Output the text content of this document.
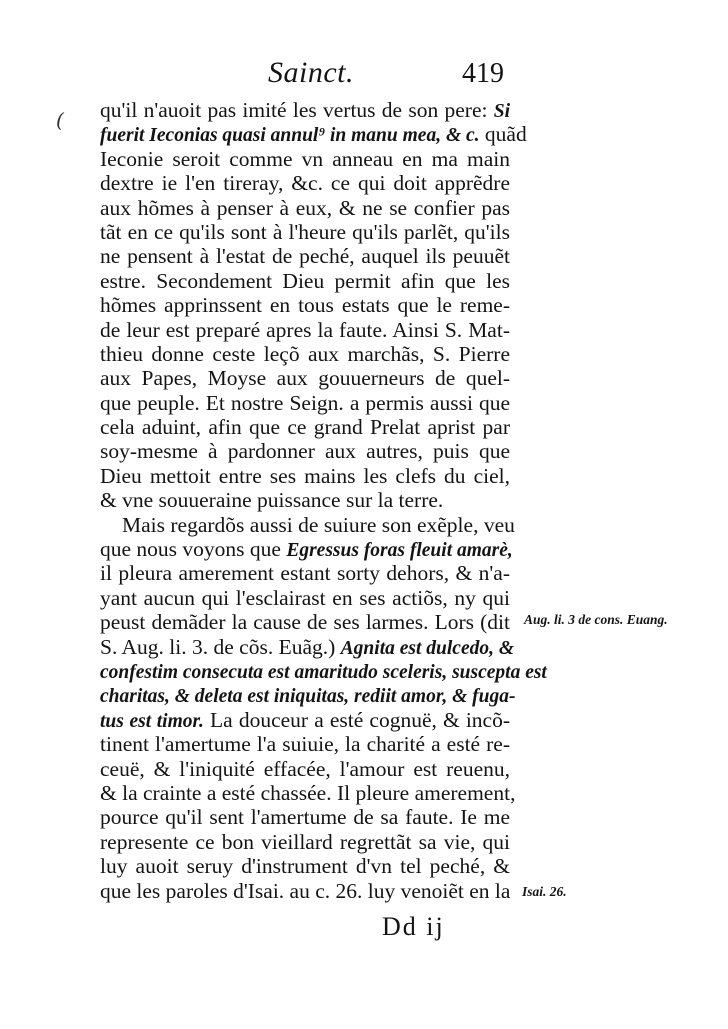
Sainct.	419
( qu'il n'auoit pas imité les vertus de son pere: Si
fuerit Ieconias quasi annul⁹ in manu mea, & c. quãd
Ieconie seroit comme vn anneau en ma main
dextre ie l'en tireray, &c. ce qui doit apprẽdre
aux hõmes à penser à eux, & ne se confier pas
tãt en ce qu'ils sont à l'heure qu'ils parlẽt, qu'ils
ne pensent à l'estat de peché, auquel ils peuuẽt
estre. Secondement Dieu permit afin que les
hõmes apprinssent en tous estats que le reme-
de leur est preparé apres la faute. Ainsi S. Mat-
thieu donne ceste leçõ aux marchãs, S. Pierre
aux Papes, Moyse aux gouuerneurs de quel-
que peuple. Et nostre Seign. a permis aussi que
cela aduint, afin que ce grand Prelat aprist par
soy-mesme à pardonner aux autres, puis que
Dieu mettoit entre ses mains les clefs du ciel,
& vne souueraine puissance sur la terre.
Mais regardõs aussi de suiure son exẽple, veu
que nous voyons que Egressus foras fleuit amarè,
il pleura amerement estant sorty dehors, & n'a-
yant aucun qui l'esclairast en ses actiõs, ny qui
peust demãder la cause de ses larmes. Lors (dit
S. Aug. li. 3. de cõs. Euãg.) Agnita est dulcedo, &
confestim consecuta est amaritudo sceleris, suscepta est
charitas, & deleta est iniquitas, rediit amor, & fuga-
tus est timor. La douceur a esté cognuë, & incõ-
tinent l'amertume l'a suiuie, la charité a esté re-
ceuë, & l'iniquité effacée, l'amour est reuenu,
& la crainte a esté chassée. Il pleure amerement,
pource qu'il sent l'amertume de sa faute. Ie me
represente ce bon vieillard regrettãt sa vie, qui
luy auoit seruy d'instrument d'vn tel peché, &
que les paroles d'Isai. au c. 26. luy venoiẽt en la
Aug. li. 3 de cons. Euang.
Isai. 26.
Dd ij
